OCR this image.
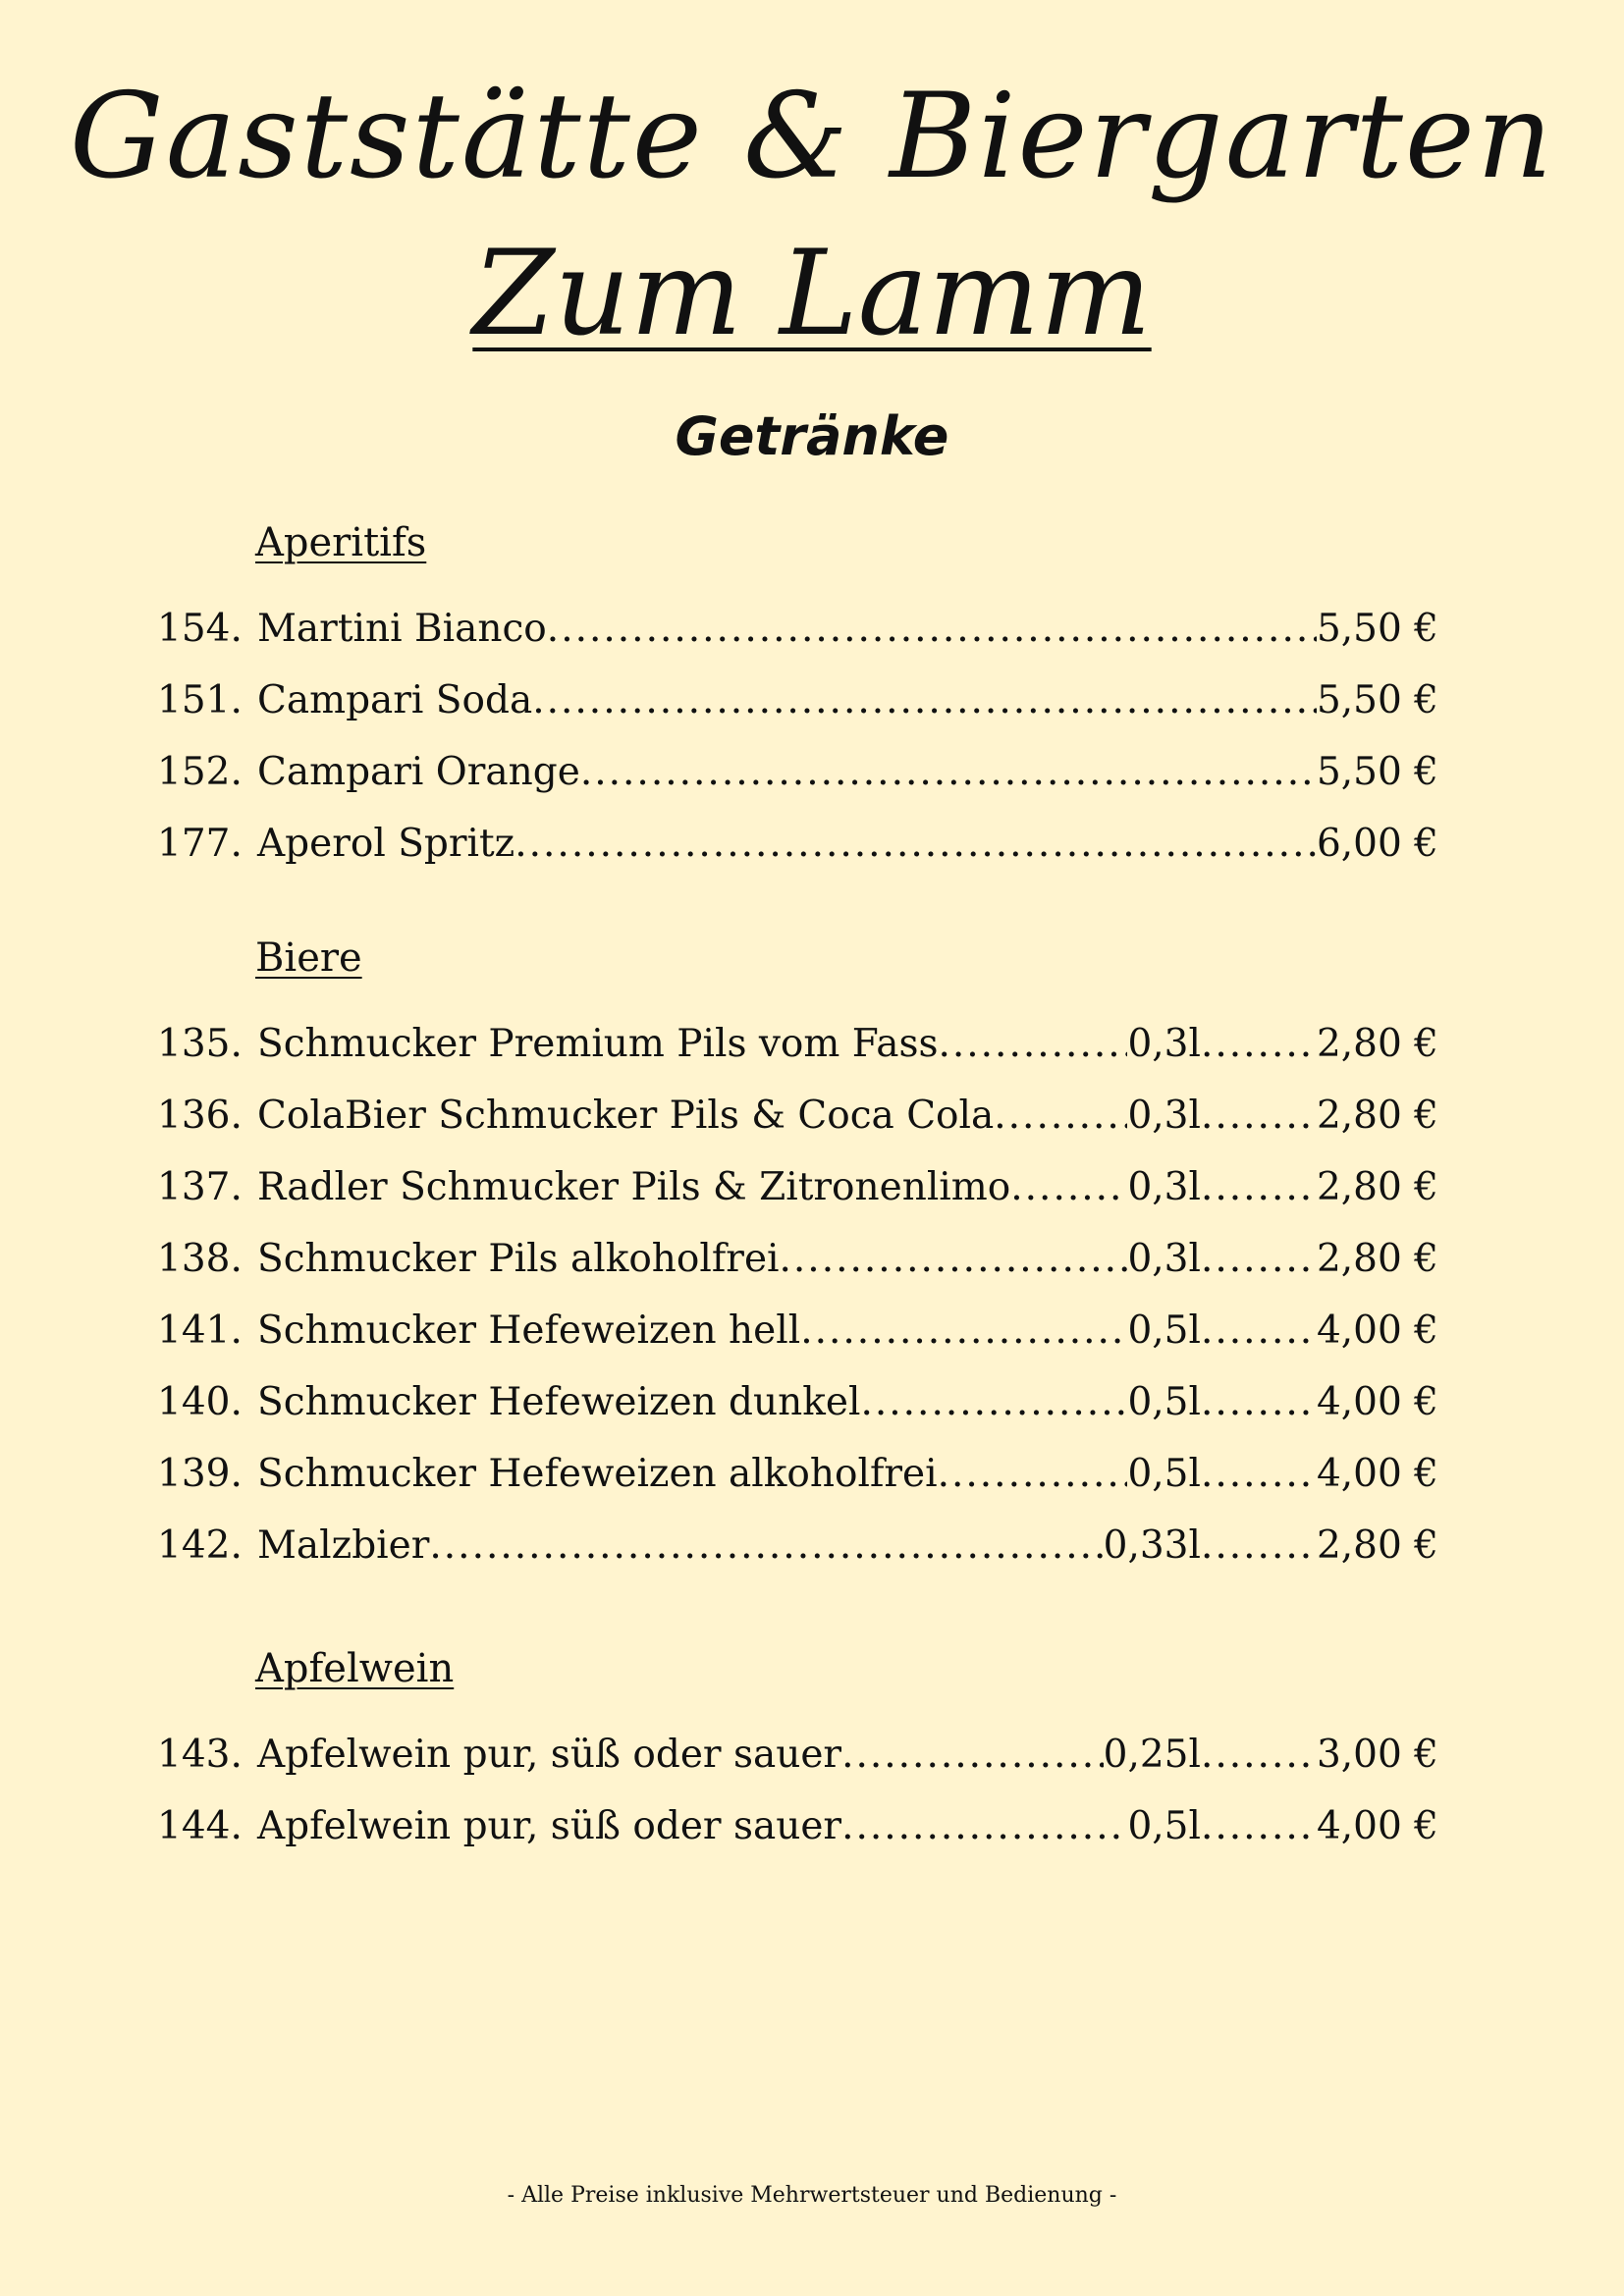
Gaststätte & Biergarten
Zum Lamm
Getränke
Aperitifs
154. Martini Bianco .....	5,50 €
151. Campari Soda .....	5,50 €
152. Campari Orange .....	5,50 €
177. Aperol Spritz .....	6,00 €
Biere
135. Schmucker Premium Pils vom Fass .....	0,3l .....	2,80 €
136. ColaBier Schmucker Pils & Coca Cola .....	0,3l .....	2,80 €
137. Radler Schmucker Pils & Zitronenlimo .....	0,3l .....	2,80 €
138. Schmucker Pils alkoholfrei .....	0,3l .....	2,80 €
141. Schmucker Hefeweizen hell .....	0,5l .....	4,00 €
140. Schmucker Hefeweizen dunkel .....	0,5l .....	4,00 €
139. Schmucker Hefeweizen alkoholfrei .....	0,5l .....	4,00 €
142. Malzbier .....	0,33l .....	2,80 €
Apfelwein
143. Apfelwein pur, süß oder sauer .....	0,25l .....	3,00 €
144. Apfelwein pur, süß oder sauer .....	0,5l .....	4,00 €
- Alle Preise inklusive Mehrwertsteuer und Bedienung -
